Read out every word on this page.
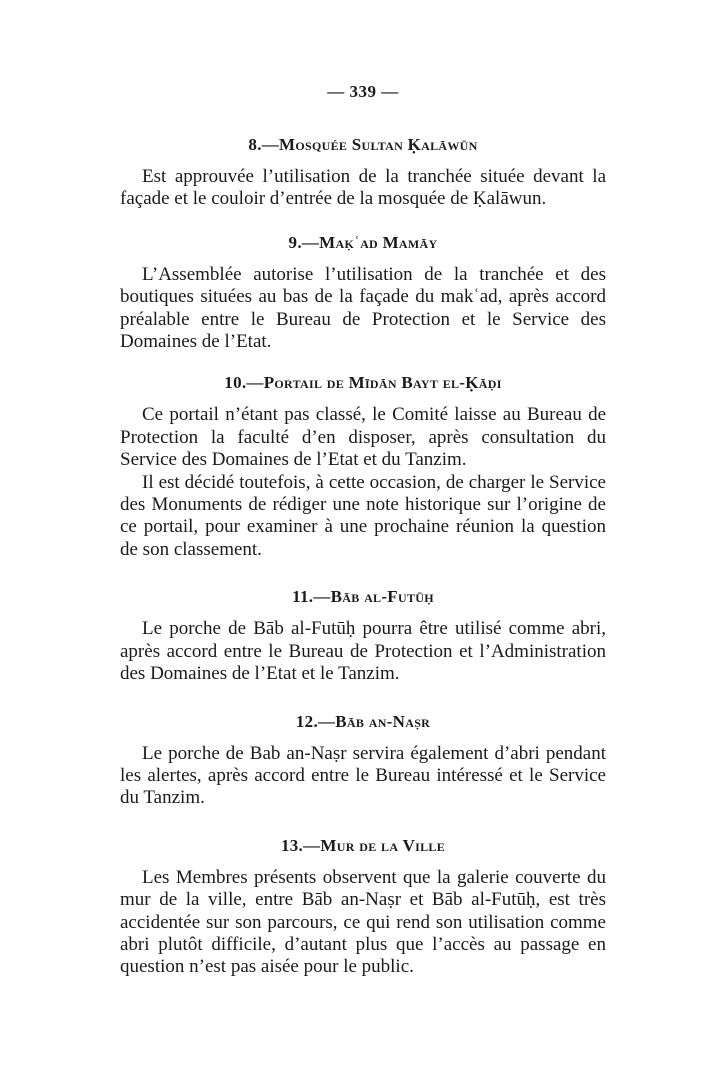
— 339 —
8.—Mosquée Sultan Ḳalāwūn

Est approuvée l’utilisation de la tranchée située devant la façade et le couloir d’entrée de la mosquée de Ḳalāwun.

9.—Maḳʿad Mamāy

L’Assemblée autorise l’utilisation de la tranchée et des boutiques situées au bas de la façade du makʿad, après accord préalable entre le Bureau de Protection et le Service des Domaines de l’Etat.

10.—Portail de Mīdān Bayt el-Ḳāḍi

Ce portail n’étant pas classé, le Comité laisse au Bureau de Protection la faculté d’en disposer, après consultation du Service des Domaines de l’Etat et du Tanzim.

Il est décidé toutefois, à cette occasion, de charger le Service des Monuments de rédiger une note historique sur l’origine de ce portail, pour examiner à une prochaine réunion la question de son classement.

11.—Bāb al-Futūḥ

Le porche de Bāb al-Futūḥ pourra être utilisé comme abri, après accord entre le Bureau de Protection et l’Administration des Domaines de l’Etat et le Tanzim.

12.—Bāb an-Naṣr

Le porche de Bab an-Naṣr servira également d’abri pendant les alertes, après accord entre le Bureau intéressé et le Service du Tanzim.

13.—Mur de la Ville

Les Membres présents observent que la galerie couverte du mur de la ville, entre Bāb an-Naṣr et Bāb al-Futūḥ, est très accidentée sur son parcours, ce qui rend son utilisation comme abri plutôt difficile, d’autant plus que l’accès au passage en question n’est pas aisée pour le public.
